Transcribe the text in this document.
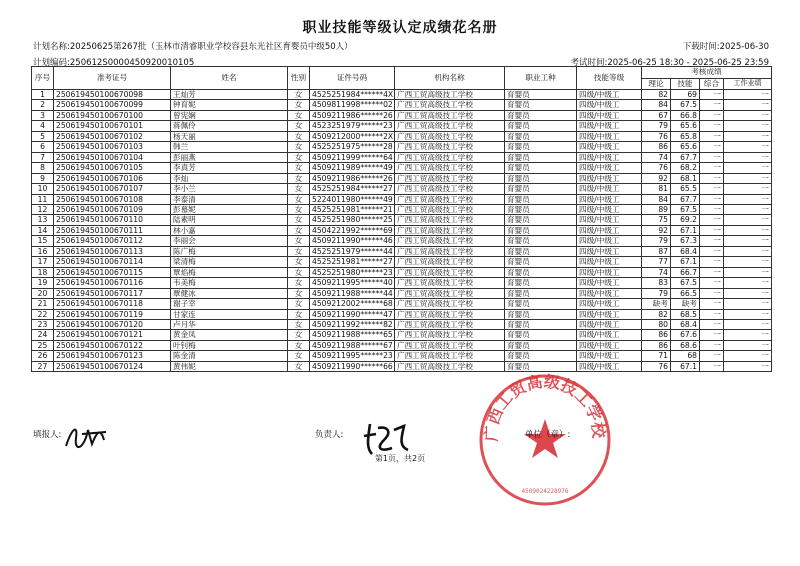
职业技能等级认定成绩花名册
计划名称:20250625第267批（玉林市清睿职业学校容县东光社区育婴员中级50人）	下载时间:2025-06-30
计划编码:250612S0000450920010105	考试时间:2025-06-25 18:30 - 2025-06-25 23:59
序号	准考证号	姓名	性别	证件号码	机构名称	职业工种	技能等级	考核成绩			
								理论	技能	综合	工作业绩
1	250619450100670098	王灿芳	女	4525251984******4X	广西工贸高级技工学校	育婴员	四级/中级工	82	69	一	一
2	250619450100670099	钟育妮	女	4509811998******02	广西工贸高级技工学校	育婴员	四级/中级工	84	67.5	一	一
3	250619450100670100	曾宪娴	女	4509211986******26	广西工贸高级技工学校	育婴员	四级/中级工	67	66.8	一	一
4	250619450100670101	蒋佩伶	女	4523251979******23	广西工贸高级技工学校	育婴员	四级/中级工	79	65.6	一	一
5	250619450100670102	杨天丽	女	4509212000******2X	广西工贸高级技工学校	育婴员	四级/中级工	76	65.8	一	一
6	250619450100670103	韩兰	女	4525251975******28	广西工贸高级技工学校	育婴员	四级/中级工	86	65.6	一	一
7	250619450100670104	彭丽燕	女	4509211999******64	广西工贸高级技工学校	育婴员	四级/中级工	74	67.7	一	一
8	250619450100670105	李真芳	女	4509211989******49	广西工贸高级技工学校	育婴员	四级/中级工	76	68.2	一	一
9	250619450100670106	李灿	女	4509211986******26	广西工贸高级技工学校	育婴员	四级/中级工	92	68.1	一	一
10	250619450100670107	李小兰	女	4525251984******27	广西工贸高级技工学校	育婴员	四级/中级工	81	65.5	一	一
11	250619450100670108	李泰清	女	5224011980******49	广西工贸高级技工学校	育婴员	四级/中级工	84	67.7	一	一
12	250619450100670109	彭慕妮	女	4525251981******21	广西工贸高级技工学校	育婴员	四级/中级工	89	67.5	一	一
13	250619450100670110	陆素明	女	4525251980******25	广西工贸高级技工学校	育婴员	四级/中级工	75	69.2	一	一
14	250619450100670111	林小嘉	女	4504221992******69	广西工贸高级技工学校	育婴员	四级/中级工	92	67.1	一	一
15	250619450100670112	李丽会	女	4509211990******46	广西工贸高级技工学校	育婴员	四级/中级工	79	67.3	一	一
16	250619450100670113	陈广梅	女	4525251979******44	广西工贸高级技工学校	育婴员	四级/中级工	87	68.4	一	一
17	250619450100670114	梁清梅	女	4525251981******27	广西工贸高级技工学校	育婴员	四级/中级工	77	67.1	一	一
18	250619450100670115	覃焰梅	女	4525251980******23	广西工贸高级技工学校	育婴员	四级/中级工	74	66.7	一	一
19	250619450100670116	韦美梅	女	4509211995******40	广西工贸高级技工学校	育婴员	四级/中级工	83	67.5	一	一
20	250619450100670117	覃健冰	女	4509211988******44	广西工贸高级技工学校	育婴员	四级/中级工	79	66.5	一	一
21	250619450100670118	谢子幸	女	4509212002******68	广西工贸高级技工学校	育婴员	四级/中级工	缺考	缺考	一	一
22	250619450100670119	甘家连	女	4509211990******47	广西工贸高级技工学校	育婴员	四级/中级工	82	68.5	一	一
23	250619450100670120	卢月华	女	4509211992******82	广西工贸高级技工学校	育婴员	四级/中级工	80	68.4	一	一
24	250619450100670121	黄金凤	女	4509211988******65	广西工贸高级技工学校	育婴员	四级/中级工	86	67.6	一	一
25	250619450100670122	叶钊梅	女	4509211988******67	广西工贸高级技工学校	育婴员	四级/中级工	86	68.6	一	一
26	250619450100670123	陈金清	女	4509211995******23	广西工贸高级技工学校	育婴员	四级/中级工	71	68	一	一
27	250619450100670124	黄伟妮	女	4509211990******66	广西工贸高级技工学校	育婴员	四级/中级工	76	67.1	一	一
广西工贸高级技工学校
4509024228976
填报人:	负责人:	单位（章）:
第1页，共2页
